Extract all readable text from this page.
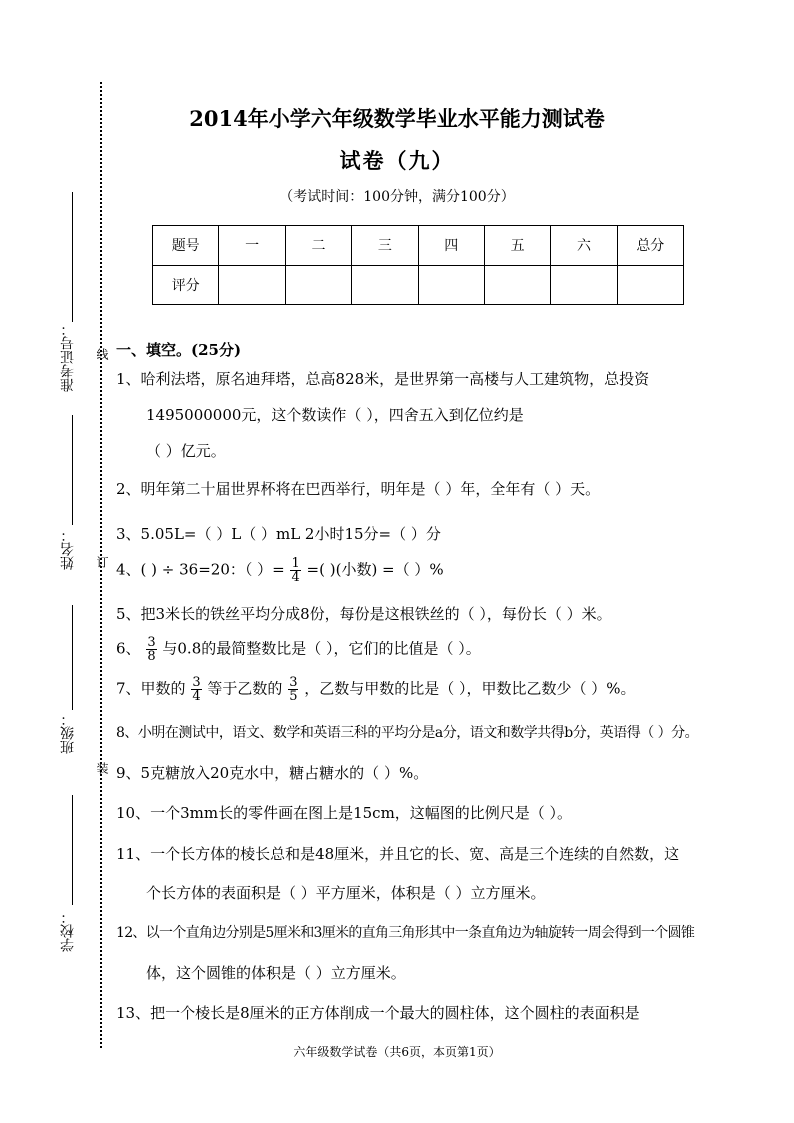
准考证号：
姓名：
班级：
学校：
线
订
装
2014年小学六年级数学毕业水平能力测试卷
试卷（九）
（考试时间：100分钟，满分100分）
题号	一	二	三	四	五	六	总分
评分							
一、填空。(25分)
1、哈利法塔，原名迪拜塔，总高828米，是世界第一高楼与人工建筑物，总投资
1495000000元，这个数读作（ ），四舍五入到亿位约是
（ ）亿元。
2、明年第二十届世界杯将在巴西举行，明年是（ ）年，全年有（ ）天。
3、5.05L=（ ）L（ ）mL 2小时15分=（ ）分
4、( ) ÷ 36=20：（ ）= $\frac{1}{4}$ =( )(小数) =（ ）%
5、把3米长的铁丝平均分成8份，每份是这根铁丝的（ ），每份长（ ）米。
6、 $\frac{3}{8}$ 与0.8的最简整数比是（ ），它们的比值是（ ）。
7、甲数的 $\frac{3}{4}$ 等于乙数的 $\frac{3}{5}$ ，乙数与甲数的比是（ ），甲数比乙数少（ ）%。
8、小明在测试中，语文、数学和英语三科的平均分是a分，语文和数学共得b分，英语得（ ）分。
9、5克糖放入20克水中，糖占糖水的（ ）%。
10、一个3mm长的零件画在图上是15cm，这幅图的比例尺是（ ）。
11、一个长方体的棱长总和是48厘米，并且它的长、宽、高是三个连续的自然数，这
个长方体的表面积是（ ）平方厘米，体积是（ ）立方厘米。
12、以一个直角边分别是5厘米和3厘米的直角三角形其中一条直角边为轴旋转一周会得到一个圆锥
体，这个圆锥的体积是（ ）立方厘米。
13、把一个棱长是8厘米的正方体削成一个最大的圆柱体，这个圆柱的表面积是
六年级数学试卷（共6页，本页第1页）
